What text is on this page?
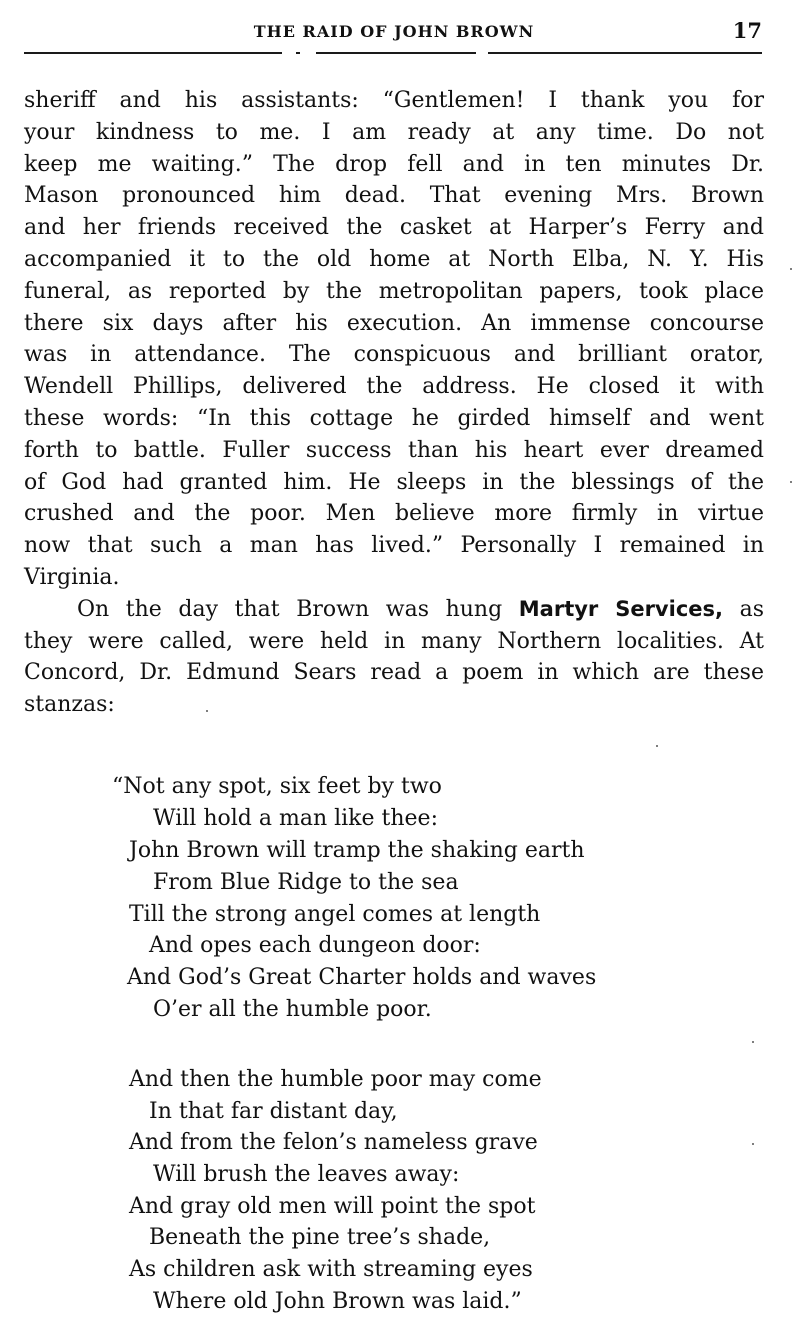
THE RAID OF JOHN BROWN	17
sheriff and his assistants: “Gentlemen! I thank you for
your kindness to me. I am ready at any time. Do not
keep me waiting.” The drop fell and in ten minutes Dr.
Mason pronounced him dead. That evening Mrs. Brown
and her friends received the casket at Harper’s Ferry and
accompanied it to the old home at North Elba, N. Y. His
funeral, as reported by the metropolitan papers, took place
there six days after his execution. An immense concourse
was in attendance. The conspicuous and brilliant orator,
Wendell Phillips, delivered the address. He closed it with
these words: “In this cottage he girded himself and went
forth to battle. Fuller success than his heart ever dreamed
of God had granted him. He sleeps in the blessings of the
crushed and the poor. Men believe more firmly in virtue
now that such a man has lived.” Personally I remained in
Virginia.
On the day that Brown was hung Martyr Services, as
they were called, were held in many Northern localities. At
Concord, Dr. Edmund Sears read a poem in which are these
stanzas:
“Not any spot, six feet by two
Will hold a man like thee:
John Brown will tramp the shaking earth
From Blue Ridge to the sea
Till the strong angel comes at length
And opes each dungeon door:
And God’s Great Charter holds and waves
O’er all the humble poor.
And then the humble poor may come
In that far distant day,
And from the felon’s nameless grave
Will brush the leaves away:
And gray old men will point the spot
Beneath the pine tree’s shade,
As children ask with streaming eyes
Where old John Brown was laid.”
